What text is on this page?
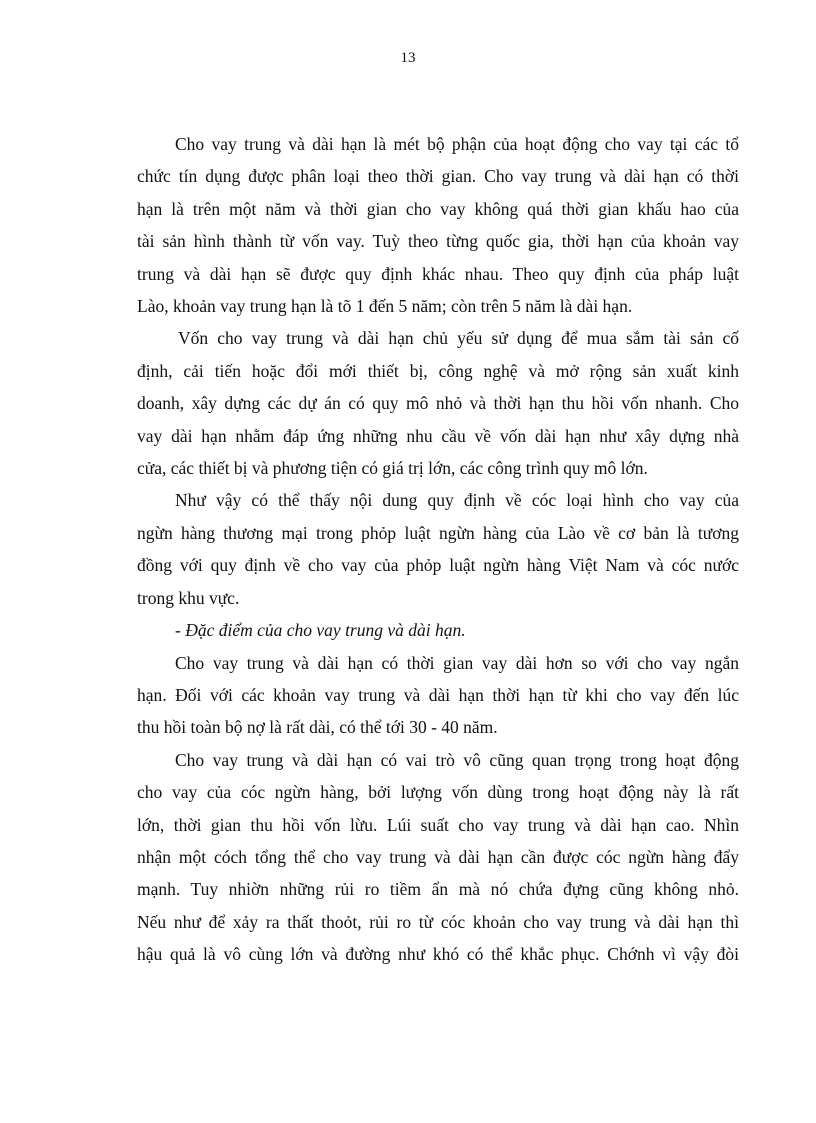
13

Cho vay trung và dài hạn là mét bộ phận của hoạt động cho vay tại các tổ
chức tín dụng được phân loại theo thời gian. Cho vay trung và dài hạn có thời
hạn là trên một năm và thời gian cho vay không quá thời gian khấu hao của
tài sản hình thành từ vốn vay. Tuỳ theo từng quốc gia, thời hạn của khoản vay
trung và dài hạn sẽ được quy định khác nhau. Theo quy định của pháp luật
Lào, khoản vay trung hạn là tõ 1 đến 5 năm; còn trên 5 năm là dài hạn.

Vốn cho vay trung và dài hạn chủ yếu sử dụng để mua sắm tài sản cố
định, cải tiến hoặc đổi mới thiết bị, công nghệ và mở rộng sản xuất kinh
doanh, xây dựng các dự án có quy mô nhỏ và thời hạn thu hồi vốn nhanh. Cho
vay dài hạn nhằm đáp ứng những nhu cầu về vốn dài hạn như xây dựng nhà
cửa, các thiết bị và phương tiện có giá trị lớn, các công trình quy mô lớn.

Như vậy có thể thấy nội dung quy định về cóc loại hình cho vay của
ngừn hàng thương mại trong phỏp luật ngừn hàng của Lào về cơ bản là tương
đồng với quy định về cho vay của phỏp luật ngừn hàng Việt Nam và cóc nước
trong khu vực.

- Đặc điểm của cho vay trung và dài hạn.

Cho vay trung và dài hạn có thời gian vay dài hơn so với cho vay ngắn
hạn. Đối với các khoản vay trung và dài hạn thời hạn từ khi cho vay đến lúc
thu hồi toàn bộ nợ là rất dài, có thể tới 30 - 40 năm.

Cho vay trung và dài hạn có vai trò vô cũng quan trọng trong hoạt động
cho vay của cóc ngừn hàng, bởi lượng vốn dùng trong hoạt động này là rất
lớn, thời gian thu hồi vốn lừu. Lúi suất cho vay trung và dài hạn cao. Nhìn
nhận một cóch tổng thể cho vay trung và dài hạn cần được cóc ngừn hàng đẩy
mạnh. Tuy nhiờn những rủi ro tiềm ẩn mà nó chứa đựng cũng không nhỏ.
Nếu như để xảy ra thất thoỏt, rủi ro từ cóc khoản cho vay trung và dài hạn thì
hậu quả là vô cùng lớn và đường như khó có thể khắc phục. Chớnh vì vậy đòi
